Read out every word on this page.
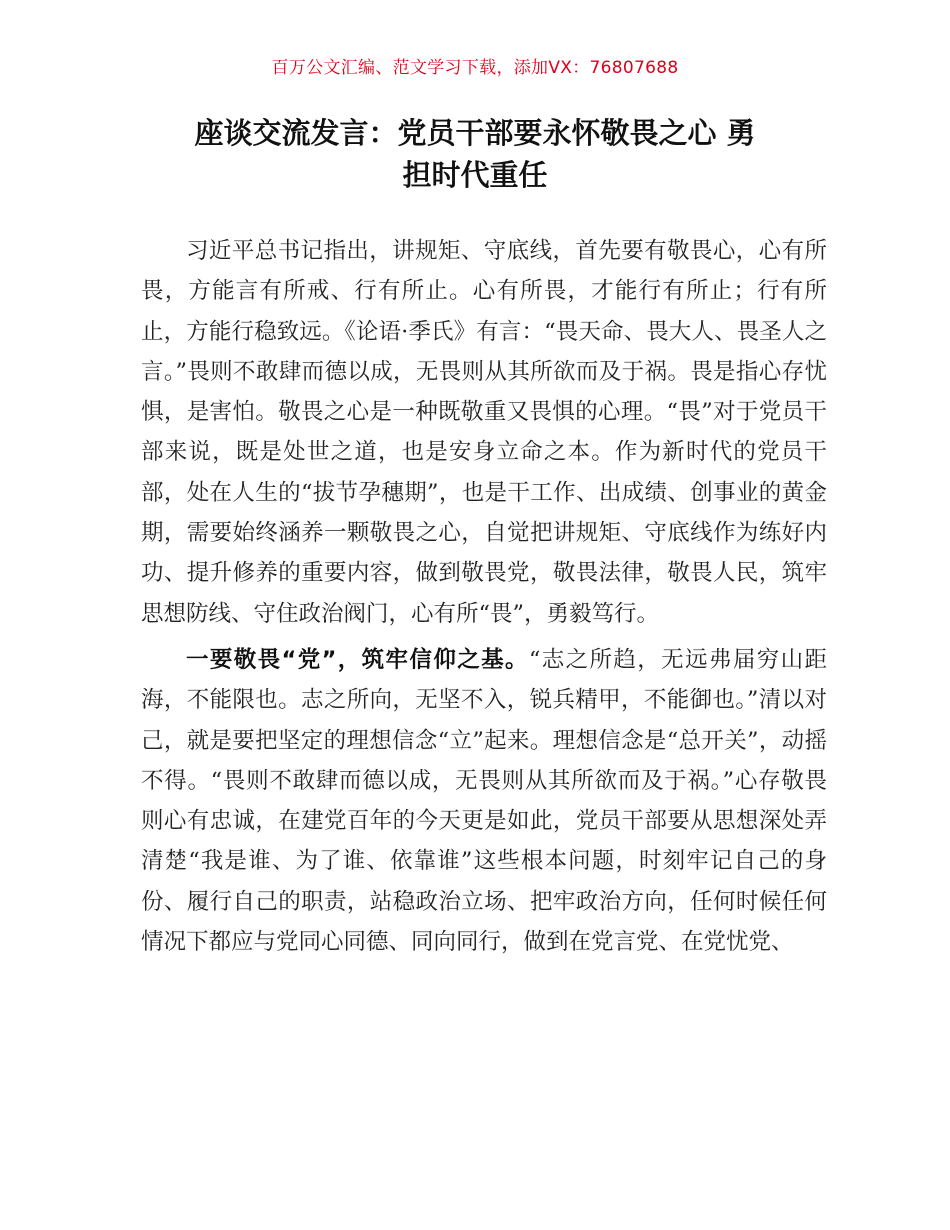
百万公文汇编、范文学习下载，添加VX：76807688
座谈交流发言：党员干部要永怀敬畏之心 勇
担时代重任

习近平总书记指出，讲规矩、守底线，首先要有敬畏心，心有所畏，方能言有所戒、行有所止。心有所畏，才能行有所止；行有所止，方能行稳致远。《论语·季氏》有言：“畏天命、畏大人、畏圣人之言。”畏则不敢肆而德以成，无畏则从其所欲而及于祸。畏是指心存忧惧，是害怕。敬畏之心是一种既敬重又畏惧的心理。“畏”对于党员干部来说，既是处世之道，也是安身立命之本。作为新时代的党员干部，处在人生的“拔节孕穗期”，也是干工作、出成绩、创事业的黄金期，需要始终涵养一颗敬畏之心，自觉把讲规矩、守底线作为练好内功、提升修养的重要内容，做到敬畏党，敬畏法律，敬畏人民，筑牢思想防线、守住政治阀门，心有所“畏”，勇毅笃行。

一要敬畏“党”，筑牢信仰之基。“志之所趋，无远弗届穷山距海，不能限也。志之所向，无坚不入，锐兵精甲，不能御也。”清以对己，就是要把坚定的理想信念“立”起来。理想信念是“总开关”，动摇不得。“畏则不敢肆而德以成，无畏则从其所欲而及于祸。”心存敬畏则心有忠诚，在建党百年的今天更是如此，党员干部要从思想深处弄清楚“我是谁、为了谁、依靠谁”这些根本问题，时刻牢记自己的身份、履行自己的职责，站稳政治立场、把牢政治方向，任何时候任何情况下都应与党同心同德、同向同行，做到在党言党、在党忧党、
